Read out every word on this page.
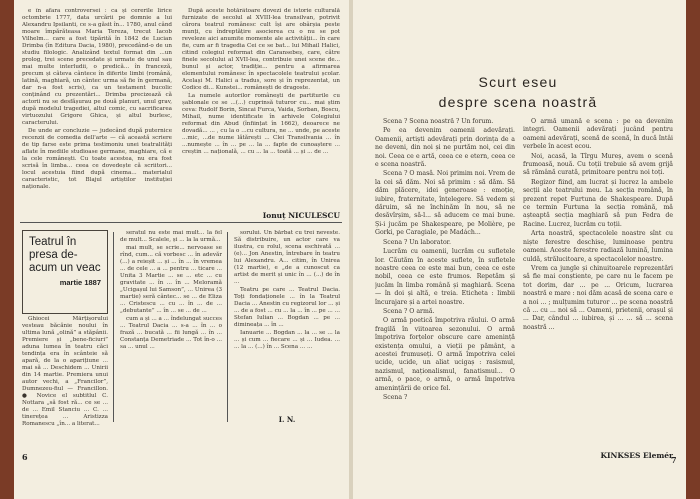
e în afara controversei : ca și cererile lirice octombrie 1777, data urcării pe domnie a lui Alexandru Ipsilanti, ce s-a găsit în... 1780, anul când moare împărăteasa Maria Tereza, trecut Iacob Vilhelm... care a fost tipărită în 1842 de Lucian Drimba (în Editura Dacia, 1980), precedând-o de un studiu filologic. Analizând textul format din ...un prolog, trei scene precedate și urmate de unul sau mai multe interludii, o predică... în franceză, precum și câteva cântece în diferite limbi (română, latină, maghiară, un cântec urma să fie în germană, dar n-a fost scris), ca un testament bucolic conținând cu prezentări... Drimba precizează că actorii nu se desfășurau pe două planuri, unul grav, după modelul tragediei, altul comic, cu sacrificarea virtuozului Grigore Ghica, și altul burlesc, caracterului.

De unde ar concluzie — judecând după puternice recenzii de comedia dell'arte — că această scriere de tip farse este prima testimoniu unei teatralități aflate în mediile studioase germane, maghiare, că e la cele românești. Cu toate acestea, nu era fost scrisă în limba... ceea ce dovedește că scriitori... locul acestuia fiind după cinema... materialul caracteristic, tot Blajul artiștilor instituției naționale.

După aceste hotărâtoare dovezi de istorie culturală furnizate de secolul al XVIII-lea transilvan, potrivit cărora teatrul românesc cult își are obârșia peste munți, cu îndreptățire asocierea cu o nu se pot reveleze aici anumite momente ale activității... în care fie, cum ar fi tragedia Cei ce se bat... lui Mihail Halici, citind colegiul reformat din Caransebeș, care, către finele secolului al XVII-lea, contribuie unei scene de... bunul și actor, tradiție... pentru a afirmarea elementului românesc în spectacolele teatrului școlar. Același M. Halici a tradus, sore și în reprezentat, un Codice di... Kunstei... românești de dragoste.

La numele autorilor româneşti de partiturile cu șablonale ce se ...(...) cuprinsă tuturor cu... mai știm ceva: Rudolf Borin, Sincai Furca, Vaida, Sorban, Boscu, Mihail, nume identificate în arhivele Colegiului reformat din Abud (înființat în 1662), deoarece ne dovadă... ... , cu la o ...cu cultura, ne ... unde, pe aceste ...mic, ...de nume lătărești ... Clei Transilvania ... în ...numește ... în ... pe ... la ... fapte de cunoaștere ... creștin ... națională, ... cu ... la ... toată ... și ... de ...

Ionuț NICULESCU
Teatrul în presa de-acum un veac
martie 1887

Ghiocei Mărțișorului vesteau băcănie noului în ultima lună „olină” a stăpânii. Premiere și „bene-ficiuri” aduna lumea în teatru căci tendința era în scânteie să apară, de la o aparițiune ... mai să ... Deschidem ... Unirii din 14 martie. Premiera unui autor vechi, a „Francilor”, Dumnezeu-fiul — Francillon. ● Novice el subtitlul C. Nottara „să fost ră... ce se ... de ... Emil Stanciu ... C. ... tinerețea ... Aristizza Romanescu „în... a literat...

seratul nu este mai mult... la fel de mult... Scalele, și ... la la urmă...

mai mult, se scrie... nervoase se rînd, cum... că vorbesc ... în adevăr (...) a reieșit ... și ... în ... în vremea ... de cele ... a ... pentru ... ticare ... Unita 3 Martie ... se ... etc ... cu gravitate ... în ... în ... Meloramă „Ucigașul lui Samson”, ... Unirea (3 martie) seră cântec... se ... de Eliza ... Cristescu ... cu ... în ... de ... „debutante” ... în ... se ... de ...

cum a și ... a ... îndelungat succes ... Teatrul Dacia ... s-a ... în ... o frază ... bucată ... fii lungă ... în ... Constanța Demetriade ... Tot în-o ... sa ... unul ...

sorului. Un bărbat cu trei neveste. Să distribuire, un actor care va ilustra, cu rolul, scena eschivată ...(e)... Jon Anestin, întrebare în teatru lui Alexandru. A... citim, în Unirea (12 martie), e „de a cunoscut ca artist de merit și unic în ... (...) de în ...

Teatru pe care ... Teatrul Dacia. Toți fondaționele ... în la Teatrul Dacia ... Anestin cu regizorul lor ... și ... de a fost ... cu ... la ... în ... pe ... ... Stefan Iulian ... Bogdan ... pe ... dimineața ... în ...

Ianuarie ... Bogdan ... la ... se ... la ... și cum ... fiecare ... și ... Iudea. ... ... la ... (...) în ... Scena ... ...

I. N.
6
Scurt eseu
despre scena noastră

Scena ? Scena noastră ? Un forum.

Pe ea devenim oamenii adevărați. Oamenii, artiști adevărați prin dorința de a ne deveni, din noi și ne purtăm noi, cei din noi. Ceea ce e artă, ceea ce e etern, ceea ce e scena noastră.

Scena ? O masă. Noi primim noi. Vrem de la cei să dăm. Noi să primim : să dăm. Să dăm plăcere, idei generoase : emoție, iubire, fraternitate, înțelegere. Să vedem și dăruim, să ne închinăm în nou, să ne desăvîrșim, să-l... să aducem ce mai bune. Și-i jucăm pe Shakespeare, pe Molière, pe Gorki, pe Caragiale, pe Madách...

Scena ? Un laborator.

Lucrăm cu oamenii, lucrăm cu sufletele lor. Căutăm în aceste suflete, în sufletele noastre ceea ce este mai bun, ceea ce este nobil, ceea ce este frumos. Repetăm și jucăm în limba română și maghiară. Scena — în doi și altă, e treia. Eticheta : limbii încurajare și a artei noastre.

Scena ? O armă.

O armă poetică împotriva răului. O armă fragilă în viitoarea sezonului. O armă împotriva forțelor obscure care amenință existența omului, a vieții pe pământ, a acestei frumuseți. O armă împotriva celei ucide, ucide, un aliat ucigaș : rasismul, nazismul, naționalismul, fanatismul... O armă, o pace, o armă, o armă împotriva amenințării de orice fel.

Scena ?

O armă umană e scena : pe ea devenim integri. Oamenii adevărați jucând pentru oameni adevărați, scenă de scenă, în ducă întâi verbele în acest ecou.

Noi, acasă, la Tîrgu Mureș, avem o scenă frumoasă, nouă. Cu toții trebuie să avem grijă să rămână curată, primitoare pentru noi toți.

Regizor fiind, am lucrat și lucrez la ambele secții ale teatrului meu. La secția română, în prezent repet Furtuna de Shakespeare. După ce termin Furtuna la secția română, mă așteaptă secția maghiară să pun Fedra de Racine. Lucrez, lucrăm cu toții.

Arta noastră, spectacolele noastre sînt cu niște ferestre deschise, luminoase pentru oameni. Aceste ferestre radiază lumină, lumina culdă, strălucitoare, a spectacolelor noastre.

Vrem ca jungle și chinuitoarele reprezentări să fie mai conștiente, pe care nu le facem pe tot dorim, dar ... pe ... Oricum, lucrarea noastră e mare : noi dăm acasă de scena care e a noi ... ; mulțumim tuturor ... pe scena noastră că ... cu ... noi să ... Oameni, prietenii, orașul și ... Dar, cândul ... iubirea, și ... ... să ... scena noastră ...

KINKSES Elemér
7
